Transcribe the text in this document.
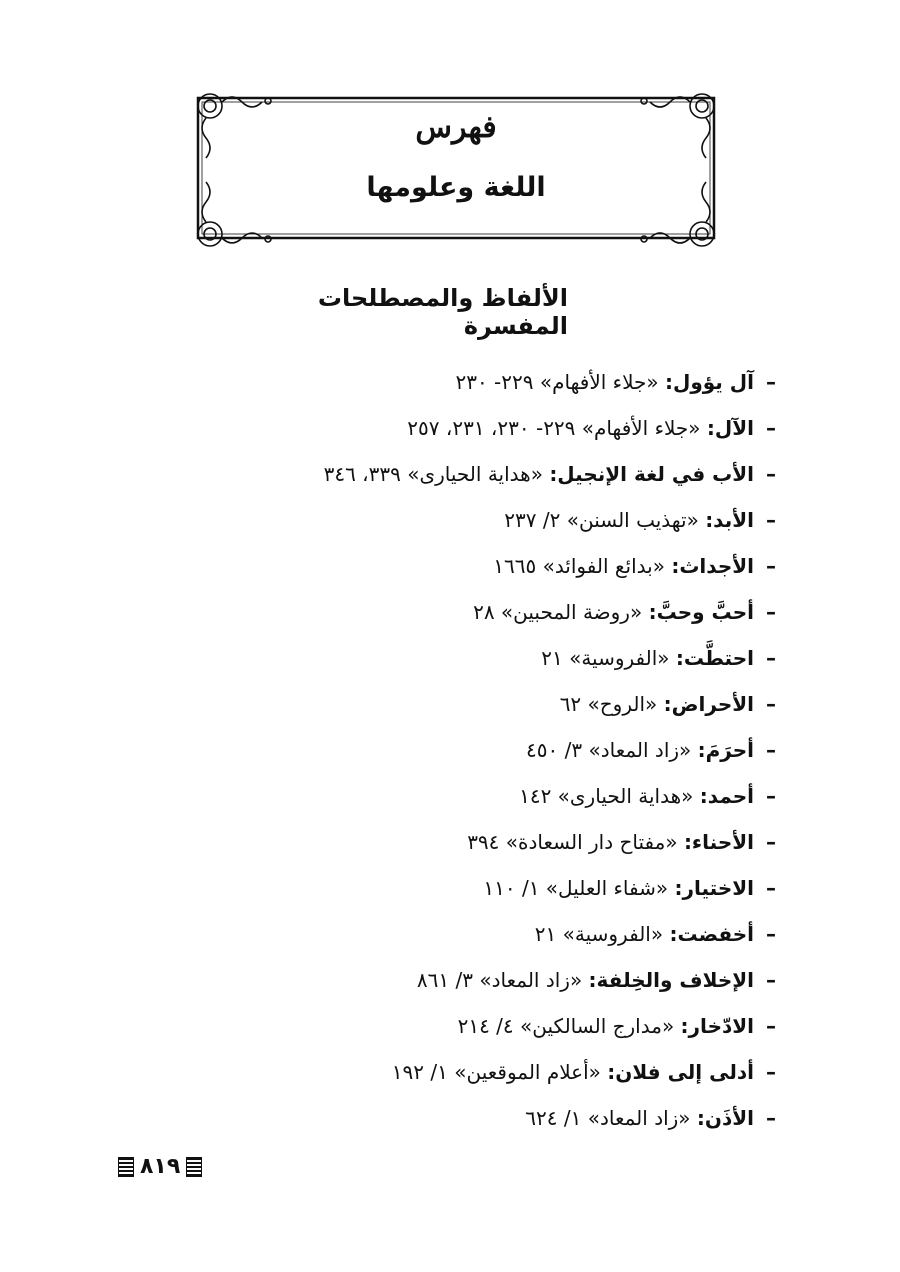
فهرس
اللغة وعلومها
الألفاظ والمصطلحات المفسرة
–آل يؤول: «جلاء الأفهام» ٢٢٩- ٢٣٠
–الآل: «جلاء الأفهام» ٢٢٩- ٢٣٠، ٢٣١، ٢٥٧
–الأب في لغة الإنجيل: «هداية الحيارى» ٣٣٩، ٣٤٦
–الأبد: «تهذيب السنن» ٢/ ٢٣٧
–الأجداث: «بدائع الفوائد» ١٦٦٥
–أحبَّ وحبَّ: «روضة المحبين» ٢٨
–احتطَّت: «الفروسية» ٢١
–الأحراض: «الروح» ٦٢
–أحرَمَ: «زاد المعاد» ٣/ ٤٥٠
–أحمد: «هداية الحيارى» ١٤٢
–الأحناء: «مفتاح دار السعادة» ٣٩٤
–الاختيار: «شفاء العليل» ١/ ١١٠
–أخفضت: «الفروسية» ٢١
–الإخلاف والخِلفة: «زاد المعاد» ٣/ ٨٦١
–الادّخار: «مدارج السالكين» ٤/ ٢١٤
–أدلى إلى فلان: «أعلام الموقعين» ١/ ١٩٢
–الأذَن: «زاد المعاد» ١/ ٦٢٤
٨١٩
